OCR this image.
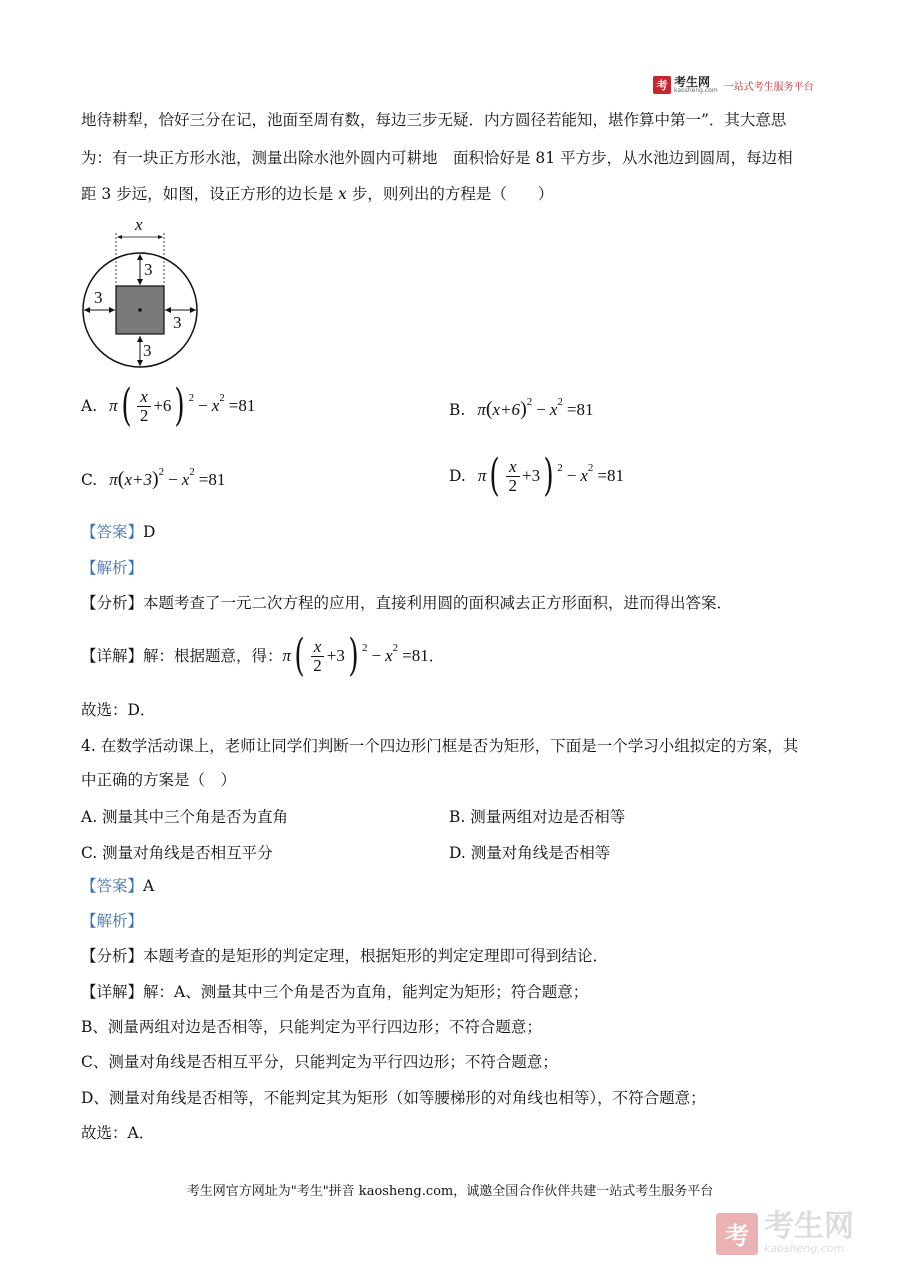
考 考生网
kaosheng.com 一站式考生服务平台
地待耕犁，恰好三分在记，池面至周有数，每边三步无疑．内方圆径若能知，堪作算中第一”．其大意思
为：有一块正方形水池，测量出除水池外圆内可耕地　面积恰好是 81 平方步，从水池边到圆周，每边相
距 3 步远，如图，设正方形的边长是 x 步，则列出的方程是（　　）
x
3
3
3
3
A. π ( $\frac{x}{2} +6$ ) 2 − x 2 =81	B. π ( x+6 ) 2 − x 2 =81
C. π ( x+3 ) 2 − x 2 =81	D. π ( $\frac{x}{2} +3$ ) 2 − x 2 =81
【答案】D
【解析】
【分析】本题考查了一元二次方程的应用，直接利用圆的面积减去正方形面积，进而得出答案．
【详解】 解：根据题意，得： π ( $\frac{x}{2} +3$ ) 2 − x 2 =81 ．
故选：D．
4. 在数学活动课上，老师让同学们判断一个四边形门框是否为矩形，下面是一个学习小组拟定的方案，其
中正确的方案是（　）
A. 测量其中三个角是否为直角	B. 测量两组对边是否相等
C. 测量对角线是否相互平分	D. 测量对角线是否相等
【答案】A
【解析】
【分析】本题考查的是矩形的判定定理，根据矩形的判定定理即可得到结论．
【详解】解：A、测量其中三个角是否为直角，能判定为矩形；符合题意；
B、测量两组对边是否相等，只能判定为平行四边形；不符合题意；
C、测量对角线是否相互平分，只能判定为平行四边形；不符合题意；
D、测量对角线是否相等，不能判定其为矩形（如等腰梯形的对角线也相等），不符合题意；
故选：A．
考生网官方网址为"考生"拼音 kaosheng.com，诚邀全国合作伙伴共建一站式考生服务平台
考 考生网
kaosheng.com
